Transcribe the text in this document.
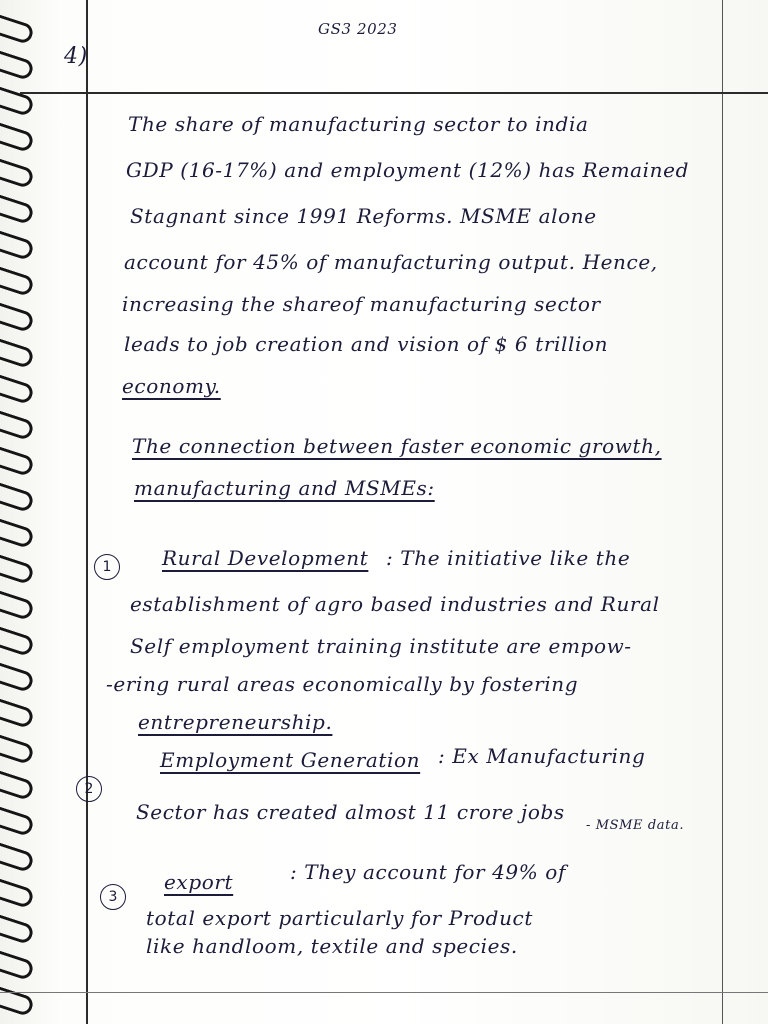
4)
GS3 2023
The share of manufacturing sector to india
GDP (16-17%) and employment (12%) has Remained
Stagnant since 1991 Reforms. MSME alone
account for 45% of manufacturing output. Hence,
increasing the shareof manufacturing sector
leads to job creation and vision of $ 6 trillion
economy.
The connection between faster economic growth,
manufacturing and MSMEs:
1	Rural Development : The initiative like the
establishment of agro based industries and Rural
Self employment training institute are empow-
-ering rural areas economically by fostering
entrepreneurship.
2
Employment Generation : Ex Manufacturing
Sector has created almost 11 crore jobs
- MSME data.
3
export	: They account for 49% of
total export particularly for Product
like handloom, textile and species.
